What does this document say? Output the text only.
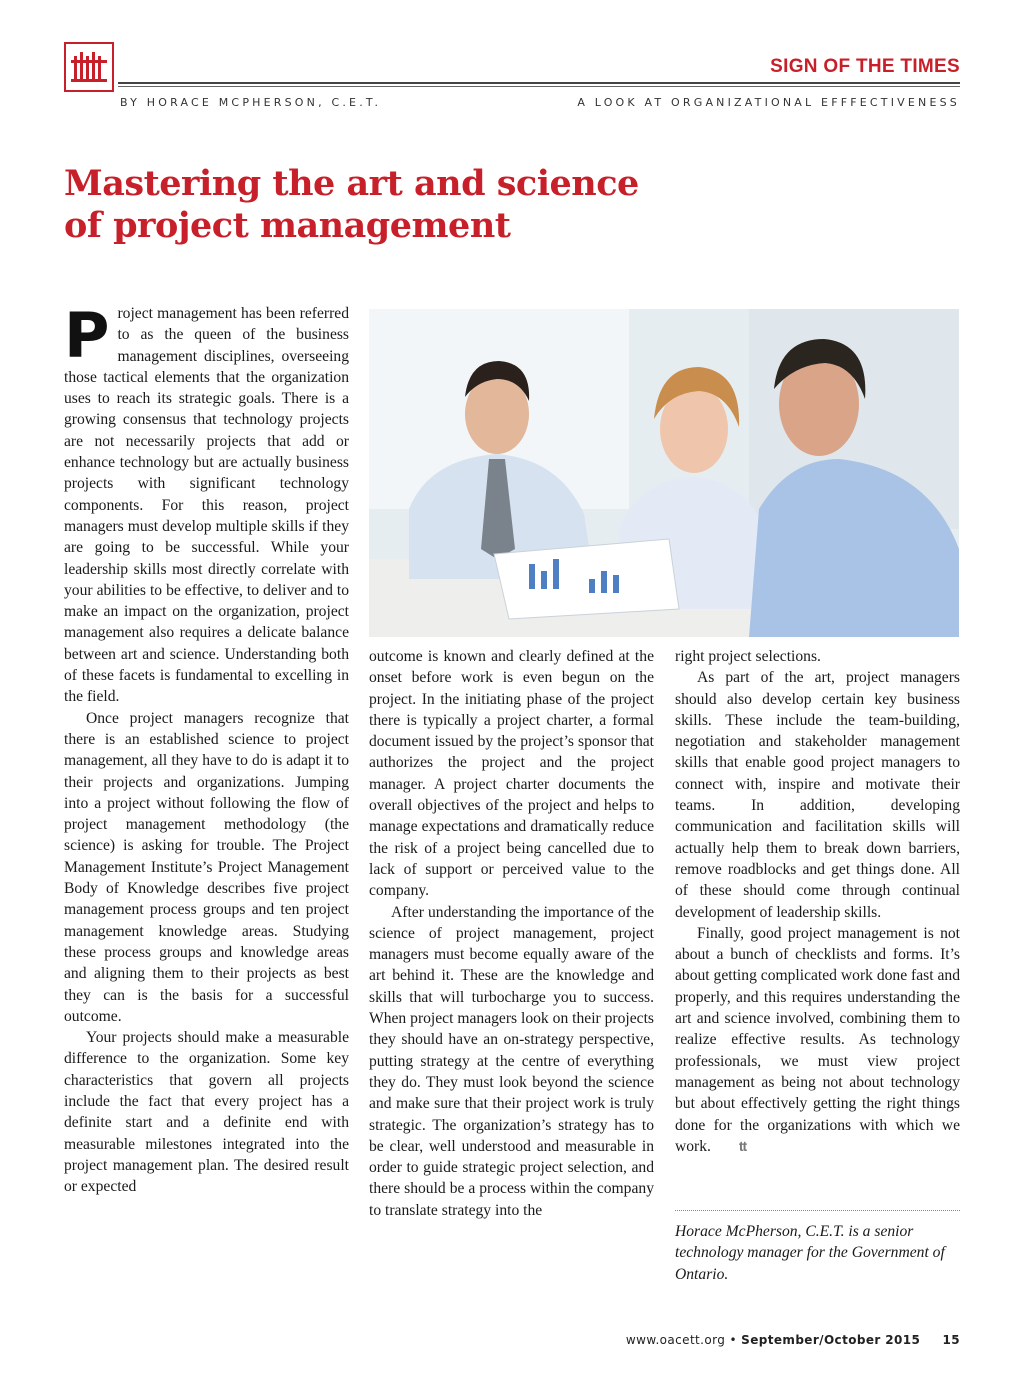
SIGN OF THE TIMES
BY HORACE MCPHERSON, C.E.T.	A LOOK AT ORGANIZATIONAL EFFFECTIVENESS
Mastering the art and science of project management

Project management has been referred to as the queen of the business management disciplines, overseeing those tactical elements that the organization uses to reach its strategic goals. There is a growing consensus that technology projects are not necessarily projects that add or enhance technology but are actually business projects with significant technology components. For this reason, project managers must develop multiple skills if they are going to be successful. While your leadership skills most directly correlate with your abilities to be effective, to deliver and to make an impact on the organization, project management also requires a delicate balance between art and science. Understanding both of these facets is fundamental to excelling in the field.

Once project managers recognize that there is an established science to project management, all they have to do is adapt it to their projects and organizations. Jumping into a project without following the flow of project management methodology (the science) is asking for trouble. The Project Management Institute’s Project Management Body of Knowledge describes five project management process groups and ten project management knowledge areas. Studying these process groups and knowledge areas and aligning them to their projects as best they can is the basis for a successful outcome.

Your projects should make a measurable difference to the organization. Some key characteristics that govern all projects include the fact that every project has a definite start and a definite end with measurable milestones integrated into the project management plan. The desired result or expected

outcome is known and clearly defined at the onset before work is even begun on the project. In the initiating phase of the project there is typically a project charter, a formal document issued by the project’s sponsor that authorizes the project and the project manager. A project charter documents the overall objectives of the project and helps to manage expectations and dramatically reduce the risk of a project being cancelled due to lack of support or perceived value to the company.

After understanding the importance of the science of project management, project managers must become equally aware of the art behind it. These are the knowledge and skills that will turbocharge you to success. When project managers look on their projects they should have an on-strategy perspective, putting strategy at the centre of everything they do. They must look beyond the science and make sure that their project work is truly strategic. The organization’s strategy has to be clear, well understood and measurable in order to guide strategic project selection, and there should be a process within the company to translate strategy into the

right project selections.

As part of the art, project managers should also develop certain key business skills. These include the team-building, negotiation and stakeholder management skills that enable good project managers to connect with, inspire and motivate their teams. In addition, developing communication and facilitation skills will actually help them to break down barriers, remove roadblocks and get things done. All of these should come through continual development of leadership skills.

Finally, good project management is not about a bunch of checklists and forms. It’s about getting complicated work done fast and properly, and this requires understanding the art and science involved, combining them to realize effective results. As technology professionals, we must view project management as being not about technology but about effectively getting the right things done for the organizations with which we work. tt

Horace McPherson, C.E.T. is a senior technology manager for the Government of Ontario.
www.oacett.org • September/October 2015 15
